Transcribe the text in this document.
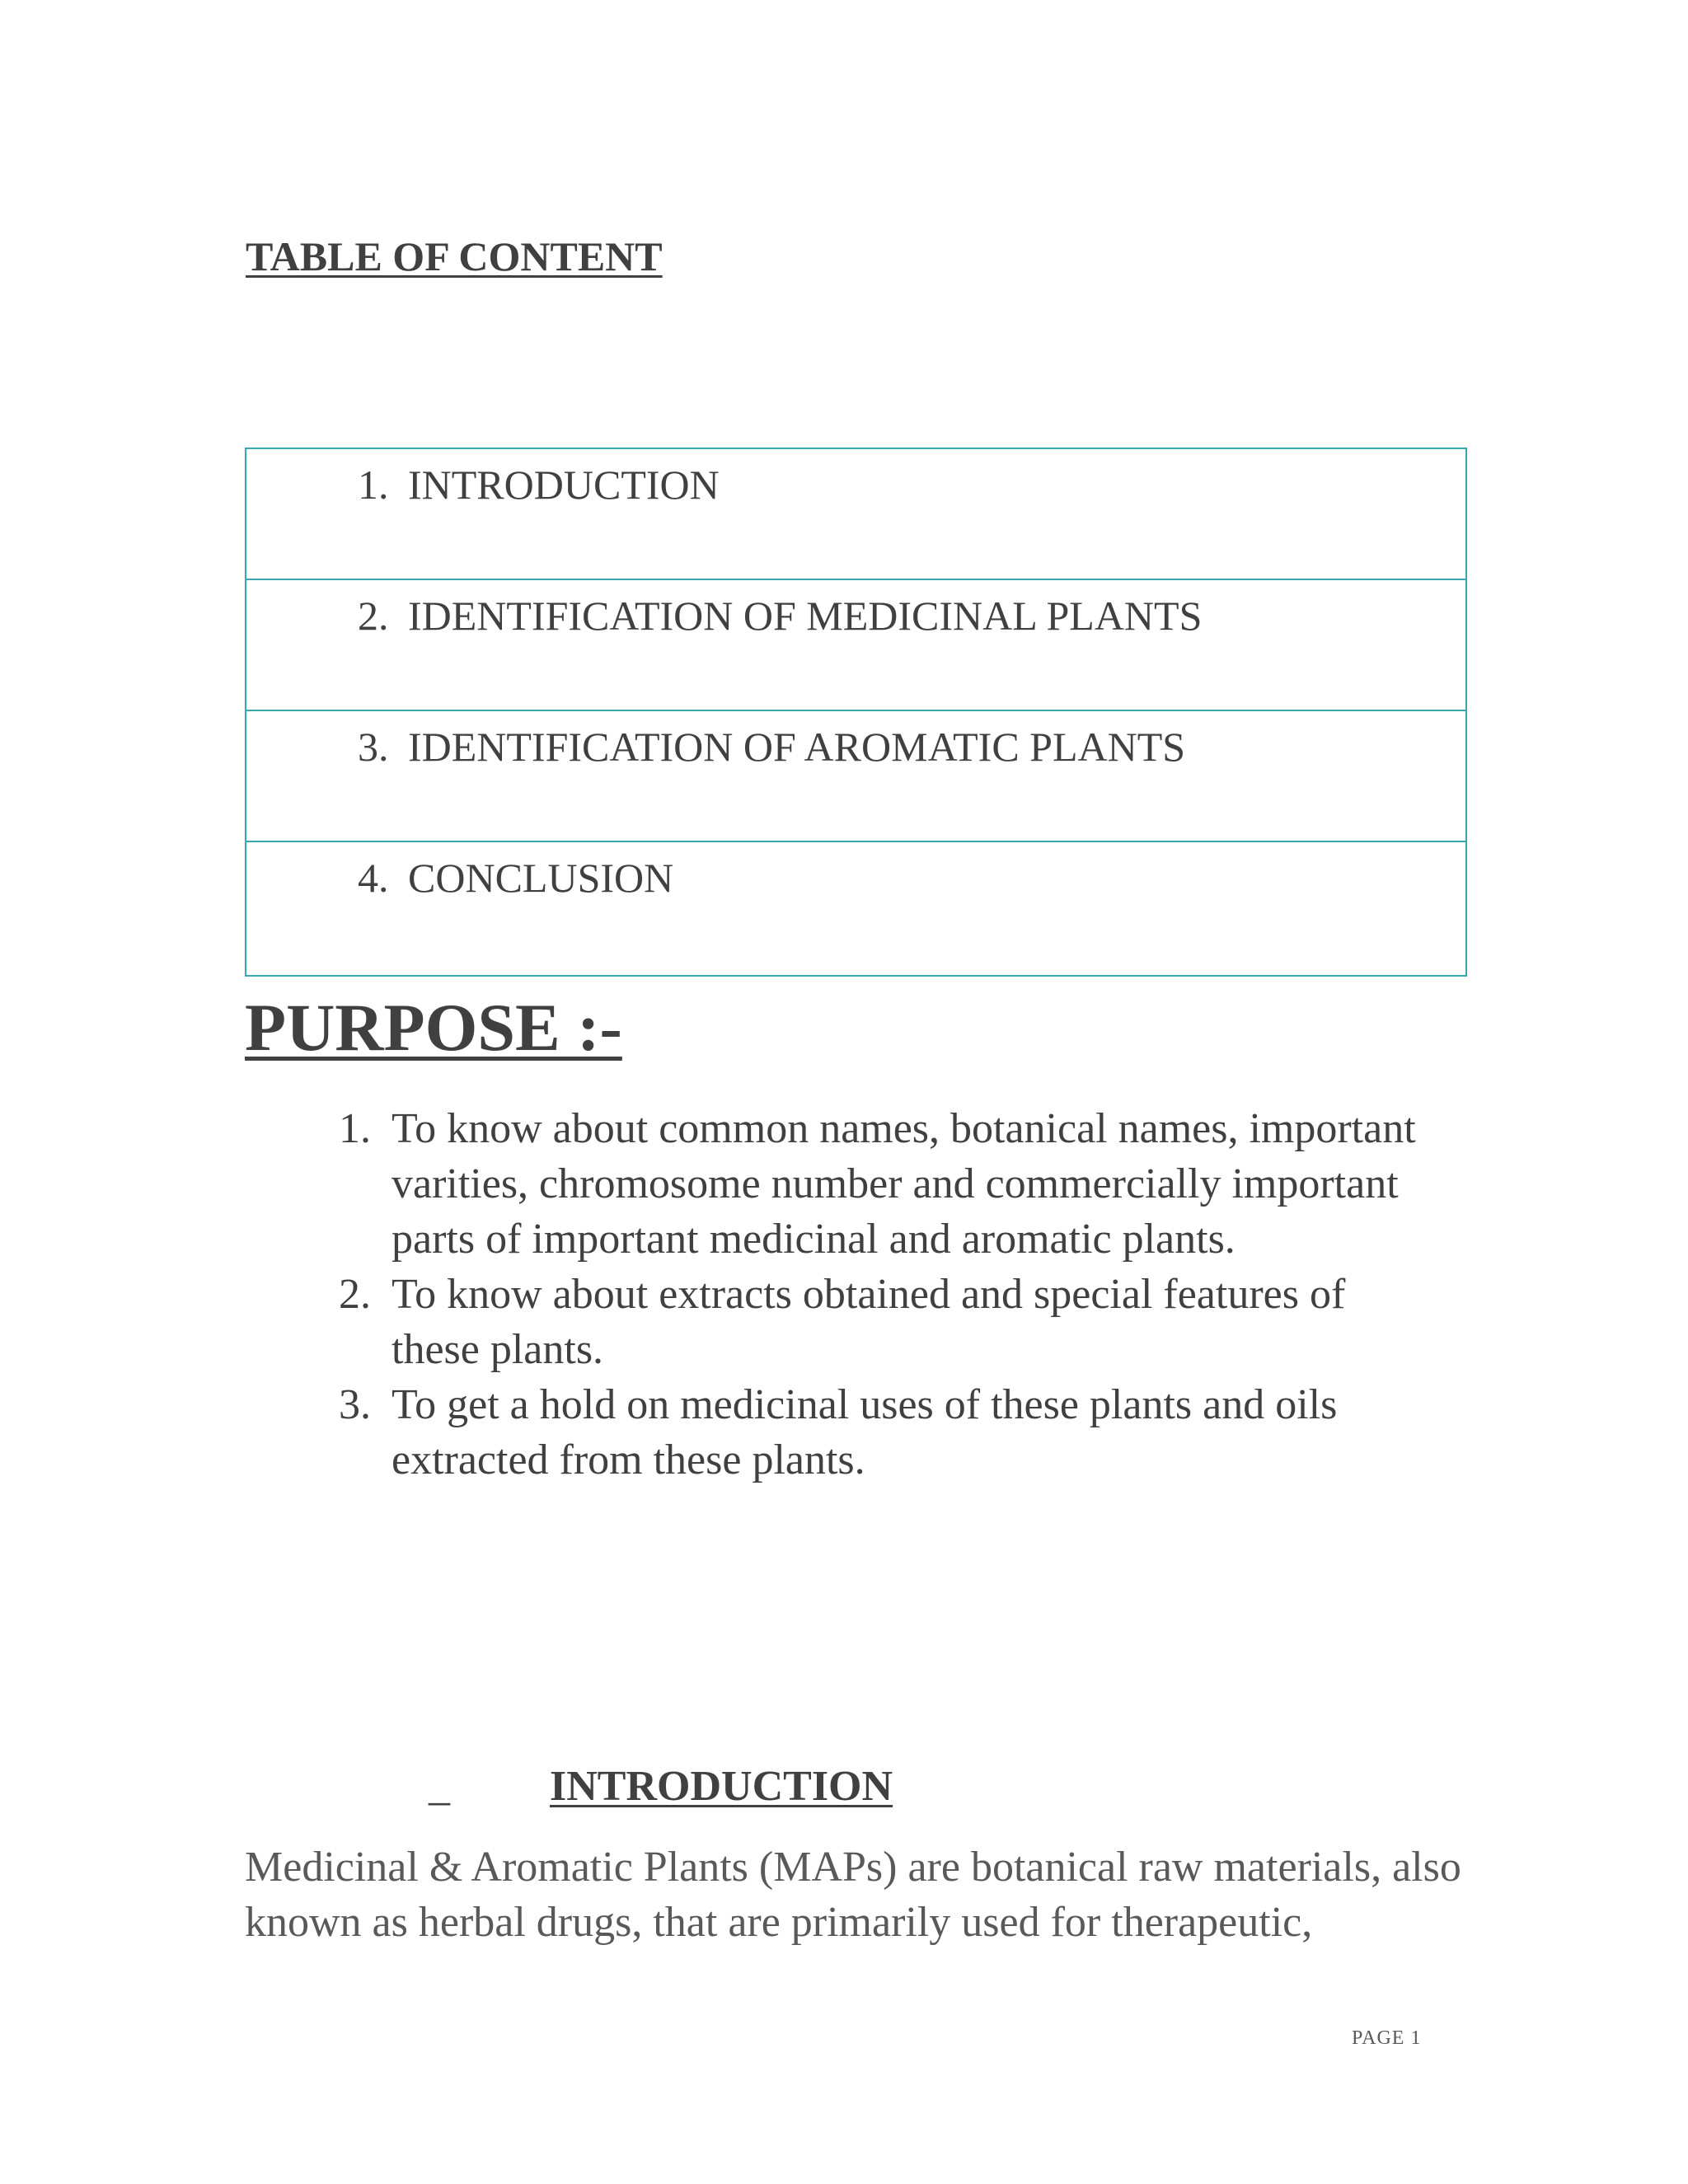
TABLE OF CONTENT
1. INTRODUCTION
2. IDENTIFICATION OF MEDICINAL PLANTS
3. IDENTIFICATION OF AROMATIC PLANTS
4. CONCLUSION
PURPOSE :-
1. To know about common names, botanical names, important varities, chromosome number and commercially important parts of important medicinal and aromatic plants.
2. To know about extracts obtained and special features of these plants.
3. To get a hold on medicinal uses of these plants and oils extracted from these plants.
_ INTRODUCTION
Medicinal & Aromatic Plants (MAPs) are botanical raw materials, also known as herbal drugs, that are primarily used for therapeutic,
PAGE 1
